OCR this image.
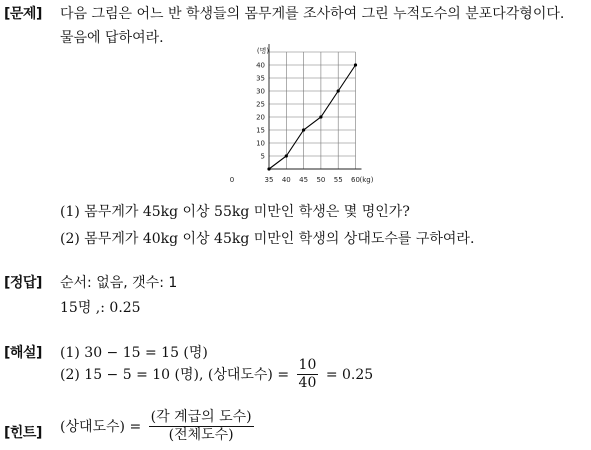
[문제] 다음 그림은 어느 반 학생들의 몸무게를 조사하여 그린 누적도수의 분포다각형이다.
물음에 답하여라.
5
10
15
20
25
30
35
40
0	35 40 45 50 55 60
(명)
(kg)
(1) 몸무게가 45kg 이상 55kg 미만인 학생은 몇 명인가?
(2) 몸무게가 40kg 이상 45kg 미만인 학생의 상대도수를 구하여라.
[정답] 순서: 없음, 갯수: 1
15명 ,: 0.25
[해설] (1) 30 − 15 = 15 (명)
(2) 15 − 5 = 10 (명), (상대도수) = $\frac{10}{40} = 0.25$
[힌트] (상대도수) = $\frac{\text{(각 계급의 도수)}}{\text{(전체도수)}}$
